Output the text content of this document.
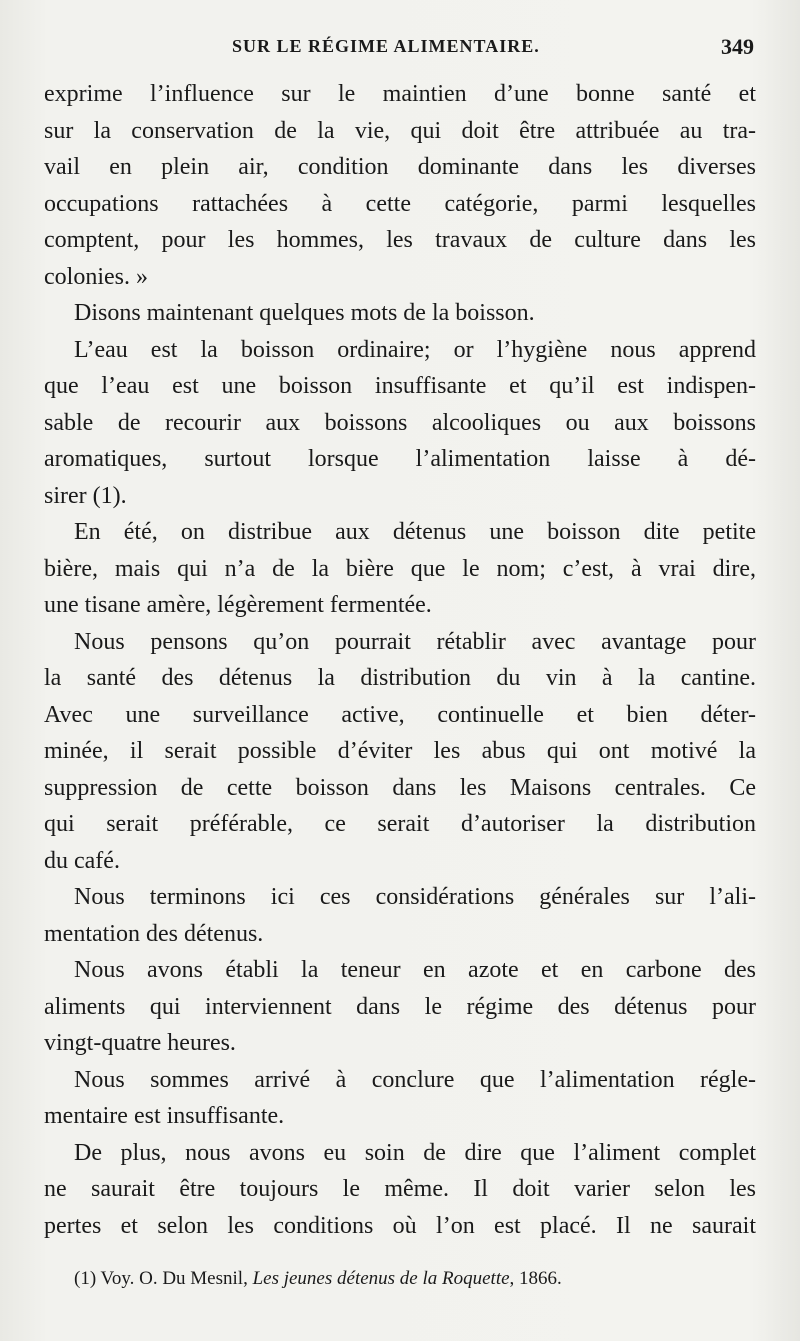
SUR LE RÉGIME ALIMENTAIRE.	349
exprime l’influence sur le maintien d’une bonne santé et
sur la conservation de la vie, qui doit être attribuée au tra-
vail en plein air, condition dominante dans les diverses
occupations rattachées à cette catégorie, parmi lesquelles
comptent, pour les hommes, les travaux de culture dans les
colonies. »
Disons maintenant quelques mots de la boisson.
L’eau est la boisson ordinaire; or l’hygiène nous apprend
que l’eau est une boisson insuffisante et qu’il est indispen-
sable de recourir aux boissons alcooliques ou aux boissons
aromatiques, surtout lorsque l’alimentation laisse à dé-
sirer (1).
En été, on distribue aux détenus une boisson dite petite
bière, mais qui n’a de la bière que le nom; c’est, à vrai dire,
une tisane amère, légèrement fermentée.
Nous pensons qu’on pourrait rétablir avec avantage pour
la santé des détenus la distribution du vin à la cantine.
Avec une surveillance active, continuelle et bien déter-
minée, il serait possible d’éviter les abus qui ont motivé la
suppression de cette boisson dans les Maisons centrales. Ce
qui serait préférable, ce serait d’autoriser la distribution
du café.
Nous terminons ici ces considérations générales sur l’ali-
mentation des détenus.
Nous avons établi la teneur en azote et en carbone des
aliments qui interviennent dans le régime des détenus pour
vingt-quatre heures.
Nous sommes arrivé à conclure que l’alimentation régle-
mentaire est insuffisante.
De plus, nous avons eu soin de dire que l’aliment complet
ne saurait être toujours le même. Il doit varier selon les
pertes et selon les conditions où l’on est placé. Il ne saurait
(1) Voy. O. Du Mesnil, Les jeunes détenus de la Roquette, 1866.
